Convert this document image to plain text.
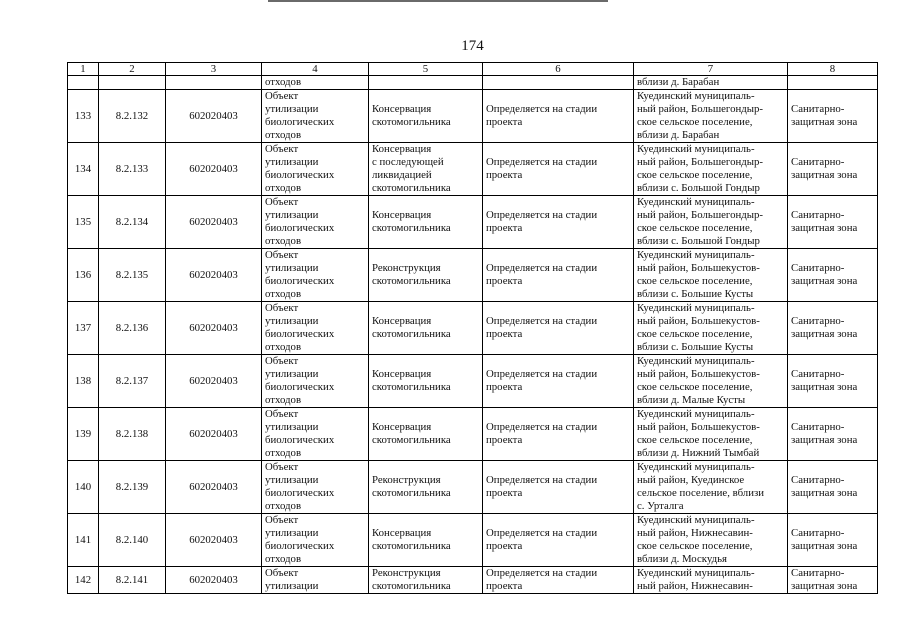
174
1	2	3	4	5	6	7	8
			отходов			вблизи д. Барабан	
133	8.2.132	602020403	Объект
утилизации
биологических
отходов	Консервация
скотомогильника	Определяется на стадии
проекта	Куединский муниципаль-
ный район, Большегондыр-
ское сельское поселение,
вблизи д. Барабан	Санитарно-
защитная зона
134	8.2.133	602020403	Объект
утилизации
биологических
отходов	Консервация
с последующей
ликвидацией
скотомогильника	Определяется на стадии
проекта	Куединский муниципаль-
ный район, Большегондыр-
ское сельское поселение,
вблизи с. Большой Гондыр	Санитарно-
защитная зона
135	8.2.134	602020403	Объект
утилизации
биологических
отходов	Консервация
скотомогильника	Определяется на стадии
проекта	Куединский муниципаль-
ный район, Большегондыр-
ское сельское поселение,
вблизи с. Большой Гондыр	Санитарно-
защитная зона
136	8.2.135	602020403	Объект
утилизации
биологических
отходов	Реконструкция
скотомогильника	Определяется на стадии
проекта	Куединский муниципаль-
ный район, Большекустов-
ское сельское поселение,
вблизи с. Большие Кусты	Санитарно-
защитная зона
137	8.2.136	602020403	Объект
утилизации
биологических
отходов	Консервация
скотомогильника	Определяется на стадии
проекта	Куединский муниципаль-
ный район, Большекустов-
ское сельское поселение,
вблизи с. Большие Кусты	Санитарно-
защитная зона
138	8.2.137	602020403	Объект
утилизации
биологических
отходов	Консервация
скотомогильника	Определяется на стадии
проекта	Куединский муниципаль-
ный район, Большекустов-
ское сельское поселение,
вблизи д. Малые Кусты	Санитарно-
защитная зона
139	8.2.138	602020403	Объект
утилизации
биологических
отходов	Консервация
скотомогильника	Определяется на стадии
проекта	Куединский муниципаль-
ный район, Большекустов-
ское сельское поселение,
вблизи д. Нижний Тымбай	Санитарно-
защитная зона
140	8.2.139	602020403	Объект
утилизации
биологических
отходов	Реконструкция
скотомогильника	Определяется на стадии
проекта	Куединский муниципаль-
ный район, Куединское
сельское поселение, вблизи
с. Урталга	Санитарно-
защитная зона
141	8.2.140	602020403	Объект
утилизации
биологических
отходов	Консервация
скотомогильника	Определяется на стадии
проекта	Куединский муниципаль-
ный район, Нижнесавин-
ское сельское поселение,
вблизи д. Москудья	Санитарно-
защитная зона
142	8.2.141	602020403	Объект
утилизации	Реконструкция
скотомогильника	Определяется на стадии
проекта	Куединский муниципаль-
ный район, Нижнесавин-	Санитарно-
защитная зона
